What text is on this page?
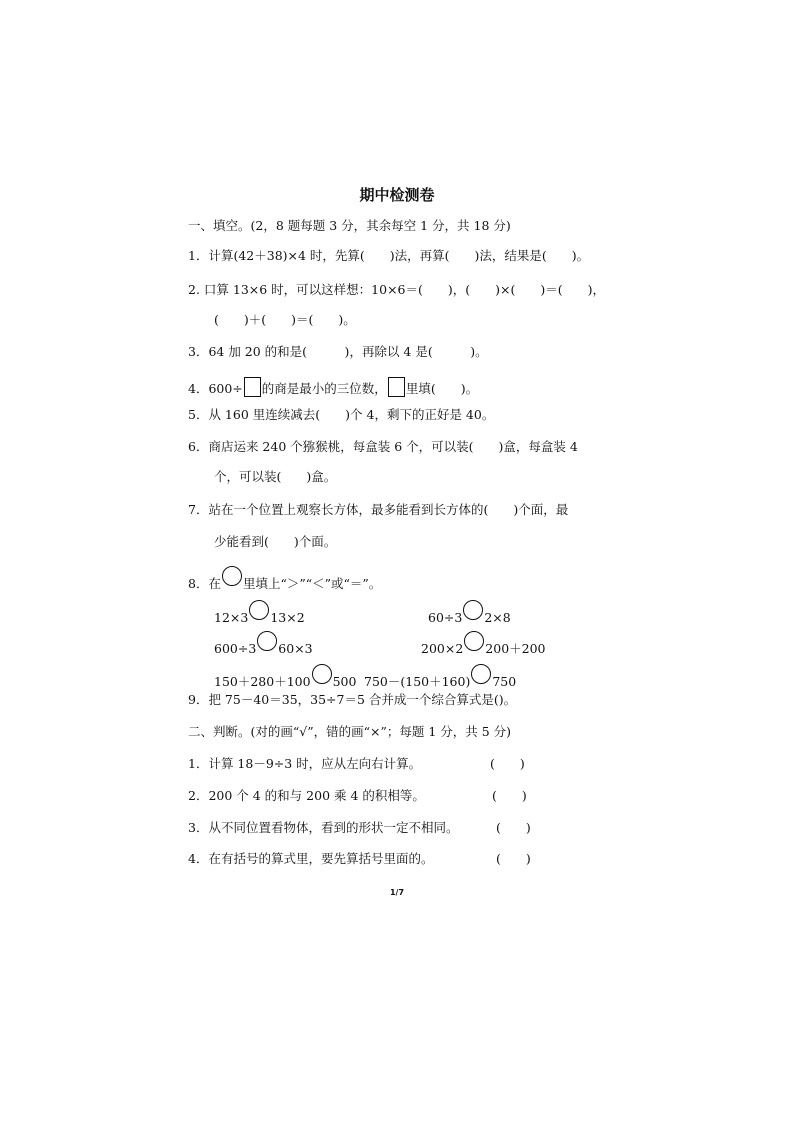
期中检测卷
一、填空。(2，8 题每题 3 分，其余每空 1 分，共 18 分)
1．计算(42＋38)×4 时，先算(　　)法，再算(　　)法，结果是(　　)。
2. 口算 13×6 时，可以这样想：10×6＝(　　)，(　　)×(　　)＝(　　)，
(　　)＋(　　)＝(　　)。
3．64 加 20 的和是(　　　)，再除以 4 是(　　　)。
4．600÷ 的商是最小的三位数， 里填(　　)。
5．从 160 里连续减去(　　)个 4，剩下的正好是 40。
6．商店运来 240 个猕猴桃，每盒装 6 个，可以装(　　)盒，每盒装 4
个，可以装(　　)盒。
7．站在一个位置上观察长方体，最多能看到长方体的(　　)个面，最
少能看到(　　)个面。
8．在 里填上“＞”“＜”或“＝”。
12×3 13×2	60÷3 2×8
600÷3 60×3	200×2 200＋200
150＋280＋100 500 750－(150＋160) 750
9．把 75－40＝35，35÷7＝5 合并成一个综合算式是()。
二、判断。(对的画“√”，错的画“×”；每题 1 分，共 5 分)
1．计算 18－9÷3 时，应从左向右计算。	(　　)
2．200 个 4 的和与 200 乘 4 的积相等。	(　　)
3．从不同位置看物体，看到的形状一定不相同。	(　　)
4．在有括号的算式里，要先算括号里面的。	(　　)
1/7
